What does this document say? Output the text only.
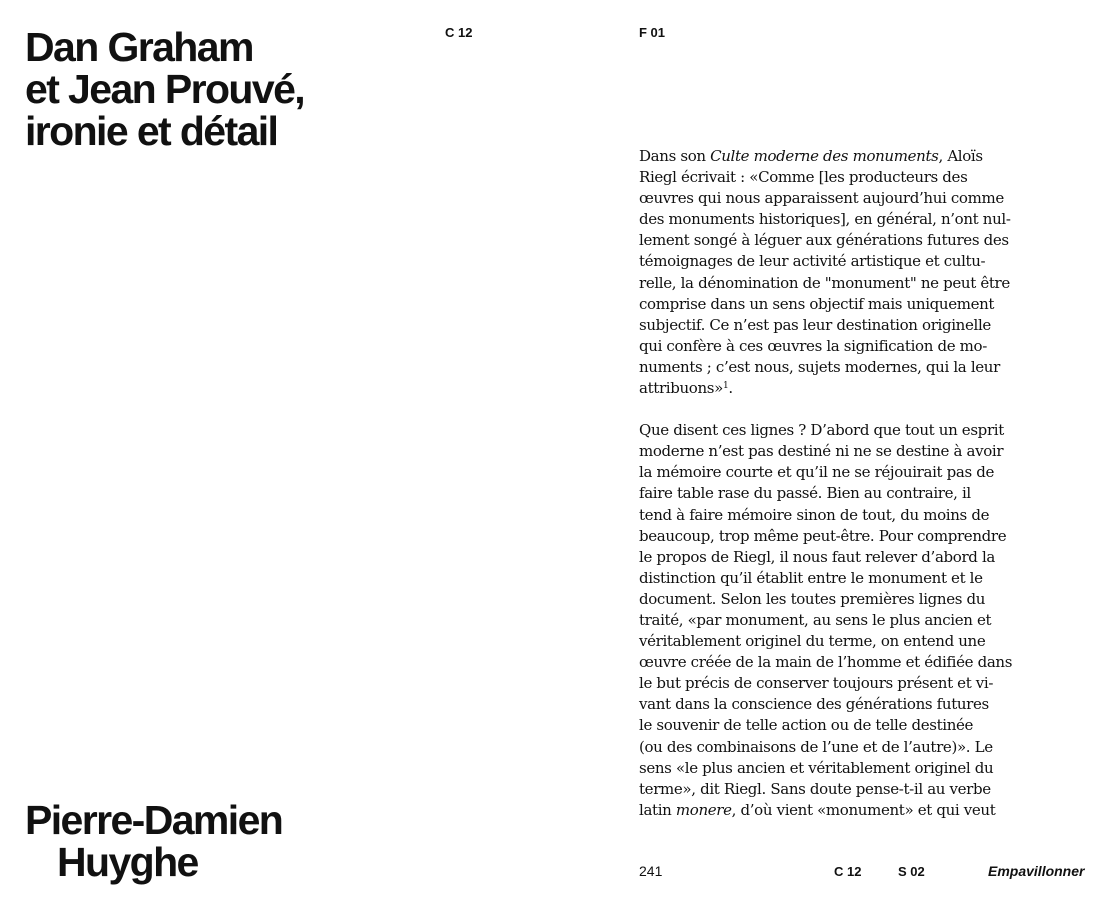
Dan Graham
et Jean Prouvé,
ironie et détail
C 12	F 01

Dans son Culte moderne des monuments, Aloïs
Riegl écrivait : «Comme [les producteurs des
œuvres qui nous apparaissent aujourd’hui comme
des monuments historiques], en général, n’ont nul-
lement songé à léguer aux générations futures des
témoignages de leur activité artistique et cultu-
relle, la dénomination de "monument" ne peut être
comprise dans un sens objectif mais uniquement
subjectif. Ce n’est pas leur destination originelle
qui confère à ces œuvres la signification de mo-
numents ; c’est nous, sujets modernes, qui la leur
attribuons»$^1$.

Que disent ces lignes ? D’abord que tout un esprit
moderne n’est pas destiné ni ne se destine à avoir
la mémoire courte et qu’il ne se réjouirait pas de
faire table rase du passé. Bien au contraire, il
tend à faire mémoire sinon de tout, du moins de
beaucoup, trop même peut-être. Pour comprendre
le propos de Riegl, il nous faut relever d’abord la
distinction qu’il établit entre le monument et le
document. Selon les toutes premières lignes du
traité, «par monument, au sens le plus ancien et
véritablement originel du terme, on entend une
œuvre créée de la main de l’homme et édifiée dans
le but précis de conserver toujours présent et vi-
vant dans la conscience des générations futures
le souvenir de telle action ou de telle destinée
(ou des combinaisons de l’une et de l’autre)». Le
sens «le plus ancien et véritablement originel du
terme», dit Riegl. Sans doute pense-t-il au verbe
latin monere, d’où vient «monument» et qui veut

Pierre-Damien
Huyghe	241	C 12	S 02	Empavillonner
